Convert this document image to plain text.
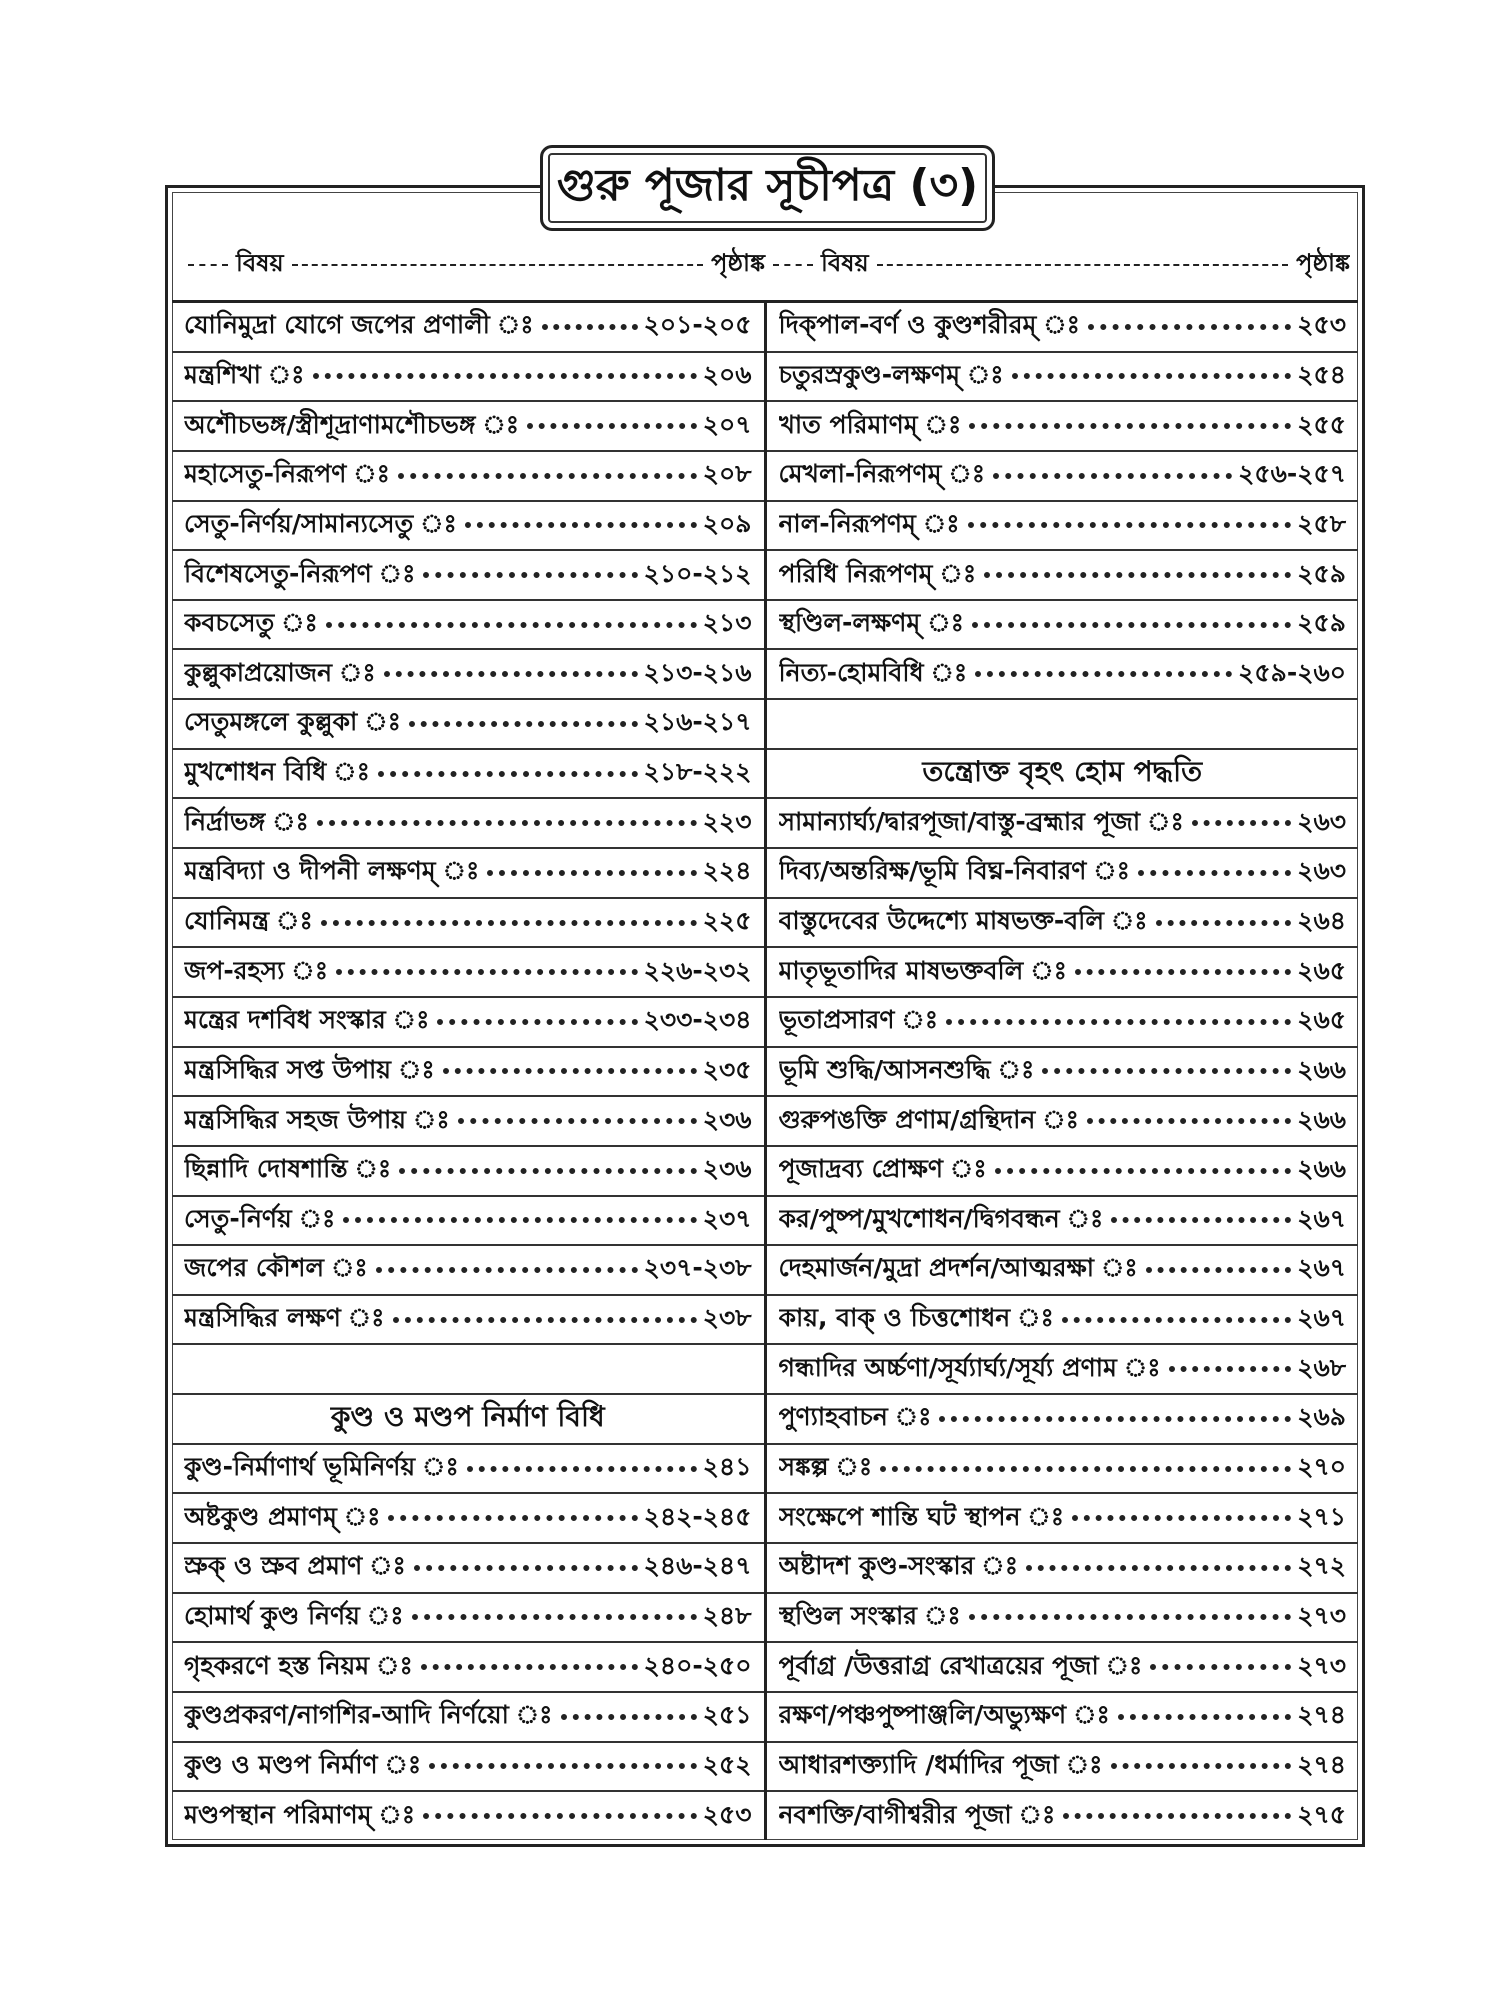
গুরু পূজার সূচীপত্র (৩)
বিষয়	পৃষ্ঠাঙ্ক বিষয়	পৃষ্ঠাঙ্ক
যোনিমুদ্রা যোগে জপের প্রণালী ঃ	২০১-২০৫
মন্ত্রশিখা ঃ	২০৬
অশৌচভঙ্গ/স্ত্রীশূদ্রাণামশৌচভঙ্গ ঃ	২০৭
মহাসেতু-নিরূপণ ঃ	২০৮
সেতু-নির্ণয়/সামান্যসেতু ঃ	২০৯
বিশেষসেতু-নিরূপণ ঃ	২১০-২১২
কবচসেতু ঃ	২১৩
কুল্লুকাপ্রয়োজন ঃ	২১৩-২১৬
সেতুমঙ্গলে কুল্লুকা ঃ	২১৬-২১৭
মুখশোধন বিধি ঃ	২১৮-২২২
নির্দ্রাভঙ্গ ঃ	২২৩
মন্ত্রবিদ্যা ও দীপনী লক্ষণম্ ঃ	২২৪
যোনিমন্ত্র ঃ	২২৫
জপ-রহস্য ঃ	২২৬-২৩২
মন্ত্রের দশবিধ সংস্কার ঃ	২৩৩-২৩৪
মন্ত্রসিদ্ধির সপ্ত উপায় ঃ	২৩৫
মন্ত্রসিদ্ধির সহজ উপায় ঃ	২৩৬
ছিন্নাদি দোষশান্তি ঃ	২৩৬
সেতু-নির্ণয় ঃ	২৩৭
জপের কৌশল ঃ	২৩৭-২৩৮
মন্ত্রসিদ্ধির লক্ষণ ঃ	২৩৮
কুণ্ড ও মণ্ডপ নির্মাণ বিধি
কুণ্ড-নির্মাণার্থ ভূমিনির্ণয় ঃ	২৪১
অষ্টকুণ্ড প্রমাণম্ ঃ	২৪২-২৪৫
স্রুক্ ও স্রুব প্রমাণ ঃ	২৪৬-২৪৭
হোমার্থ কুণ্ড নির্ণয় ঃ	২৪৮
গৃহকরণে হস্ত নিয়ম ঃ	২৪০-২৫০
কুণ্ডপ্রকরণ/নাগশির-আদি নির্ণয়ো ঃ	২৫১
কুণ্ড ও মণ্ডপ নির্মাণ ঃ	২৫২
মণ্ডপস্থান পরিমাণম্ ঃ	২৫৩
দিক্‌পাল-বর্ণ ও কুণ্ডশরীরম্ ঃ	২৫৩
চতুরস্রকুণ্ড-লক্ষণম্ ঃ	২৫৪
খাত পরিমাণম্ ঃ	২৫৫
মেখলা-নিরূপণম্ ঃ	২৫৬-২৫৭
নাল-নিরূপণম্ ঃ	২৫৮
পরিধি নিরূপণম্ ঃ	২৫৯
স্থণ্ডিল-লক্ষণম্ ঃ	২৫৯
নিত্য-হোমবিধি ঃ	২৫৯-২৬০
তন্ত্রোক্ত বৃহৎ হোম পদ্ধতি
সামান্যার্ঘ্য/দ্বারপূজা/বাস্তু-ব্রহ্মার পূজা ঃ	২৬৩
দিব্য/অন্তরিক্ষ/ভূমি বিঘ্ন-নিবারণ ঃ	২৬৩
বাস্তুদেবের উদ্দেশ্যে মাষভক্ত-বলি ঃ	২৬৪
মাতৃভূতাদির মাষভক্তবলি ঃ	২৬৫
ভূতাপ্রসারণ ঃ	২৬৫
ভূমি শুদ্ধি/আসনশুদ্ধি ঃ	২৬৬
গুরুপঙক্তি প্রণাম/গ্রন্থিদান ঃ	২৬৬
পূজাদ্রব্য প্রোক্ষণ ঃ	২৬৬
কর/পুষ্প/মুখশোধন/দ্বিগবন্ধন ঃ	২৬৭
দেহমার্জন/মুদ্রা প্রদর্শন/আত্মরক্ষা ঃ	২৬৭
কায়, বাক্ ও চিত্তশোধন ঃ	২৬৭
গন্ধাদির অর্চ্চণা/সূর্য্যার্ঘ্য/সূর্য্য প্রণাম ঃ	২৬৮
পুণ্যাহবাচন ঃ	২৬৯
সঙ্কল্প ঃ	২৭০
সংক্ষেপে শান্তি ঘট স্থাপন ঃ	২৭১
অষ্টাদশ কুণ্ড-সংস্কার ঃ	২৭২
স্থণ্ডিল সংস্কার ঃ	২৭৩
পূর্বাগ্র /উত্তরাগ্র রেখাত্রয়ের পূজা ঃ	২৭৩
রক্ষণ/পঞ্চপুষ্পাঞ্জলি/অভ্যুক্ষণ ঃ	২৭৪
আধারশক্ত্যাদি /ধর্মাদির পূজা ঃ	২৭৪
নবশক্তি/বাগীশ্বরীর পূজা ঃ	২৭৫
